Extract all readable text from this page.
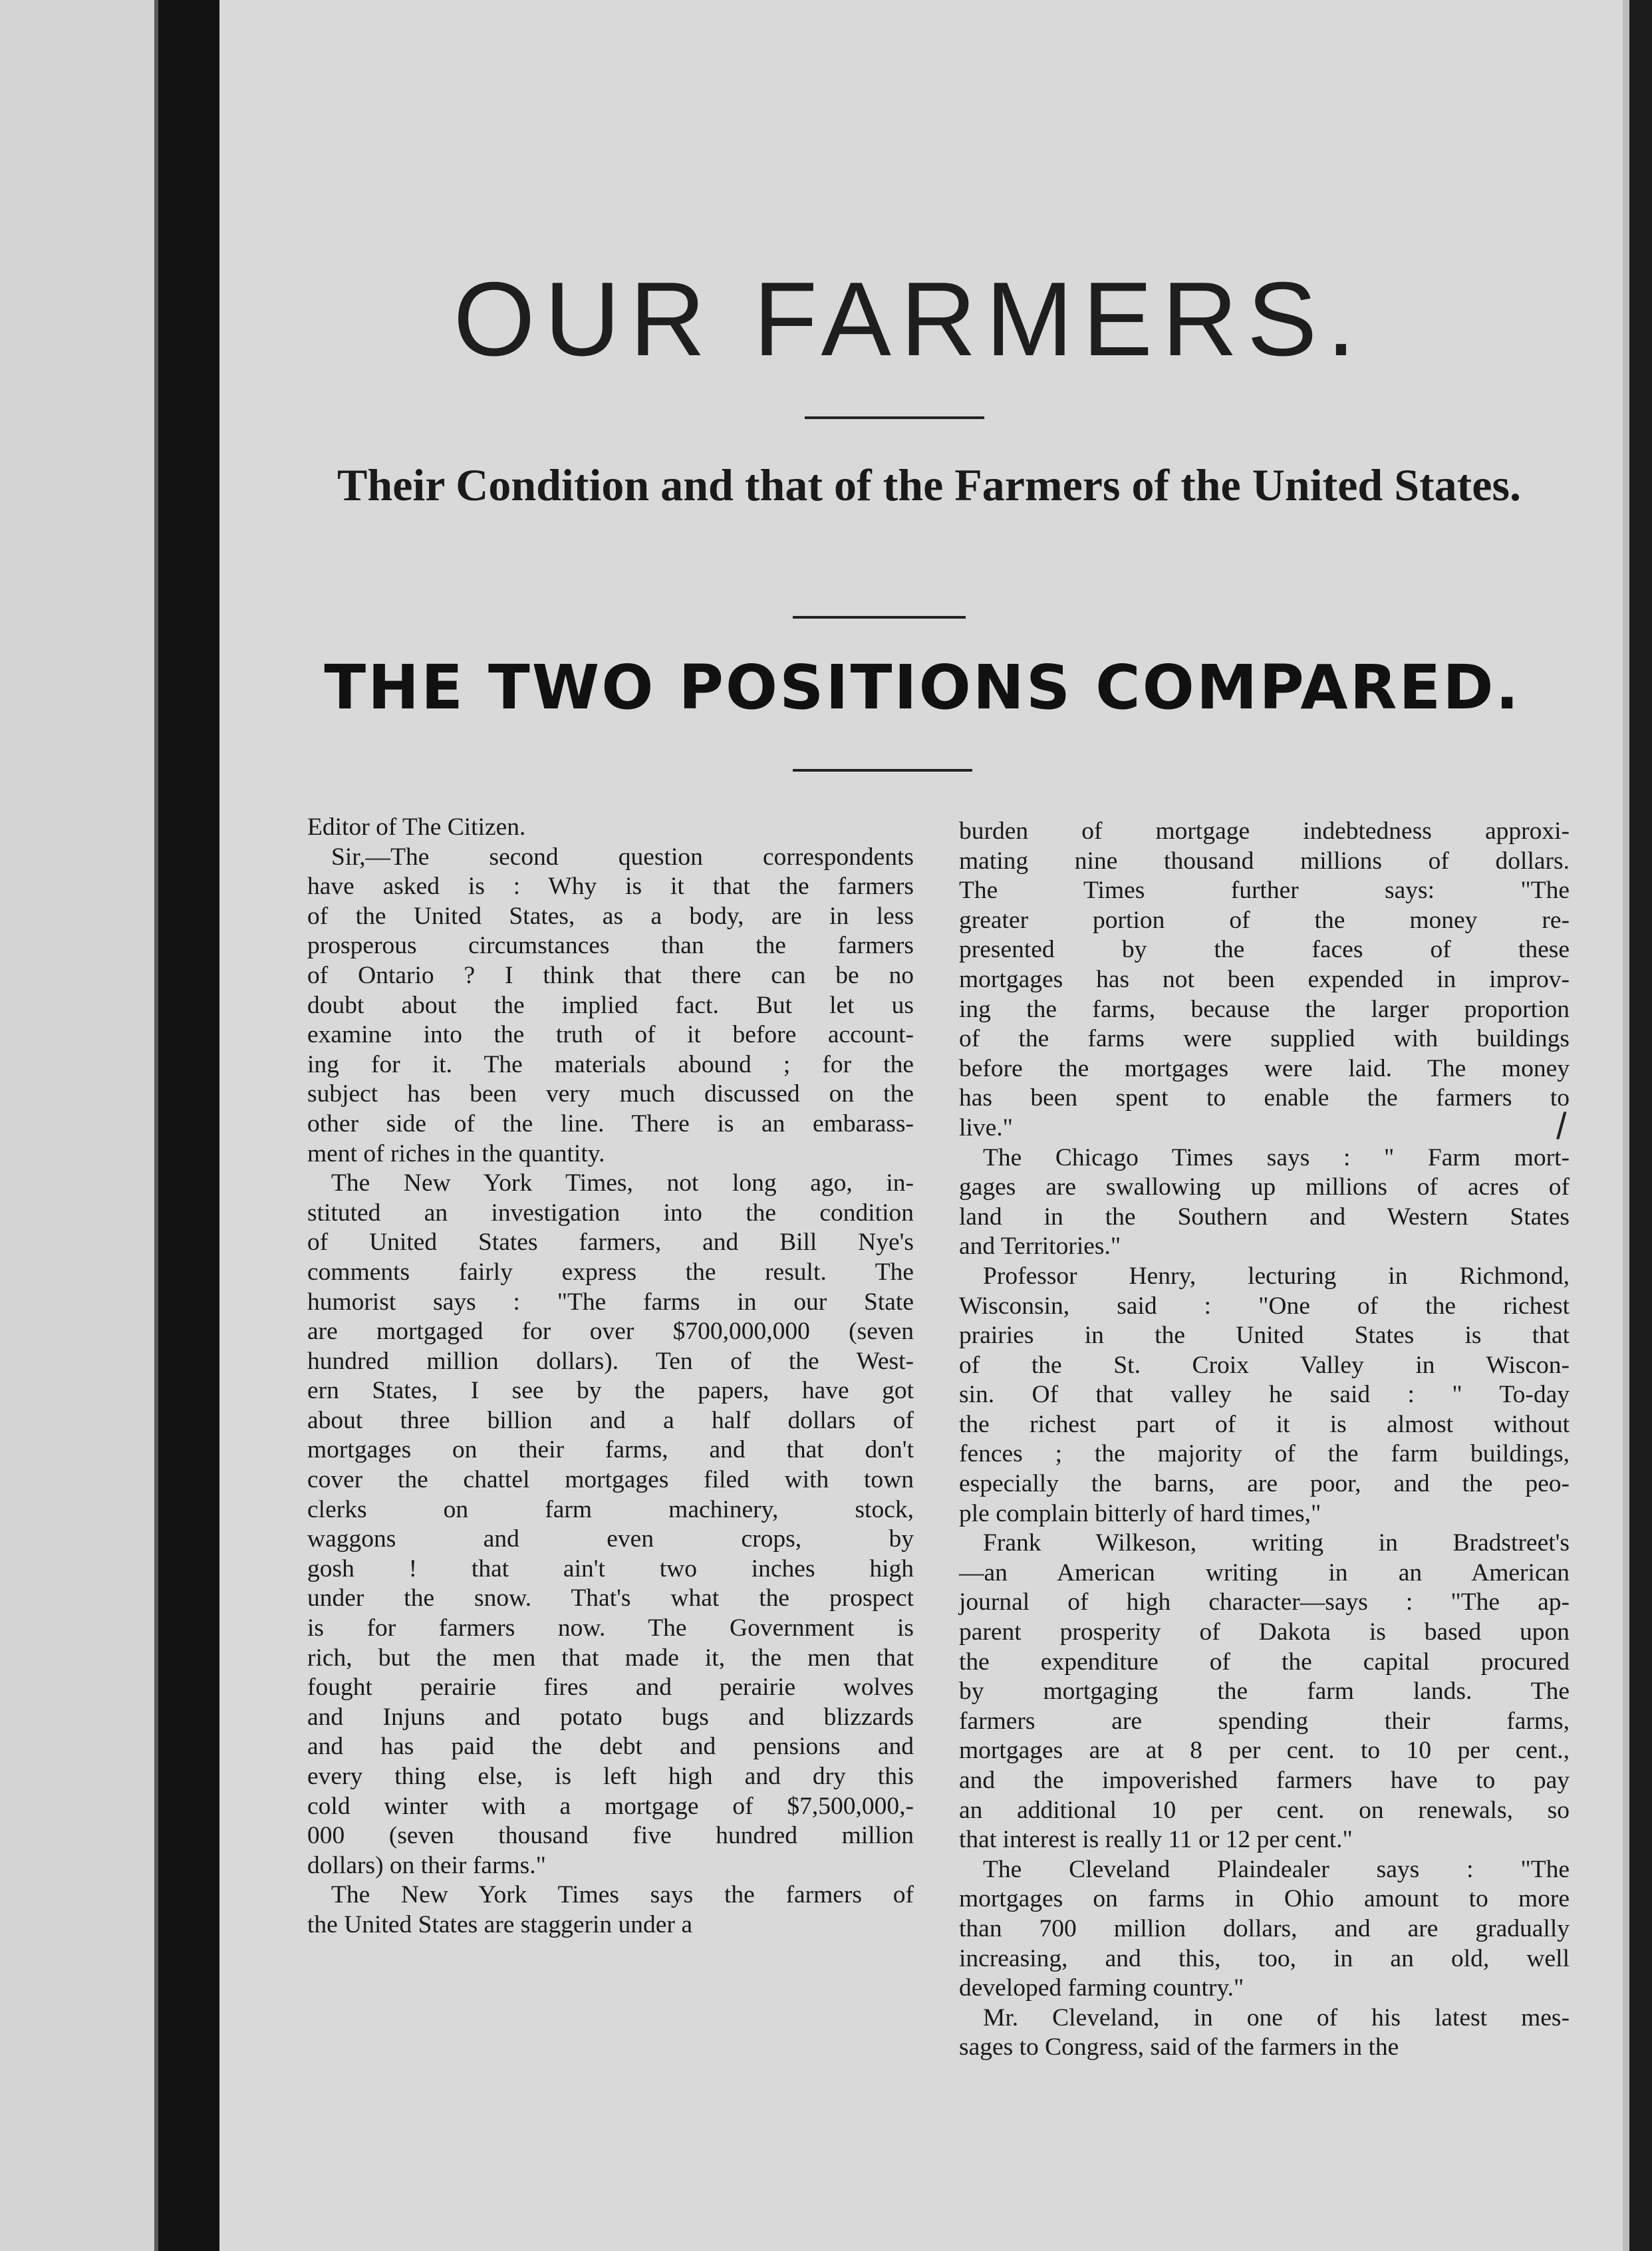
OUR FARMERS.
Their Condition and that of the Farmers of the United States.
THE TWO POSITIONS COMPARED.
Editor of The Citizen.
Sir,—The second question correspondents
have asked is : Why is it that the farmers
of the United States, as a body, are in less
prosperous circumstances than the farmers
of Ontario ? I think that there can be no
doubt about the implied fact. But let us
examine into the truth of it before account-
ing for it. The materials abound ; for the
subject has been very much discussed on the
other side of the line. There is an embarass-
ment of riches in the quantity.
The New York Times, not long ago, in-
stituted an investigation into the condition
of United States farmers, and Bill Nye's
comments fairly express the result. The
humorist says : "The farms in our State
are mortgaged for over $700,000,000 (seven
hundred million dollars). Ten of the West-
ern States, I see by the papers, have got
about three billion and a half dollars of
mortgages on their farms, and that don't
cover the chattel mortgages filed with town
clerks on farm machinery, stock,
waggons and even crops, by
gosh ! that ain't two inches high
under the snow. That's what the prospect
is for farmers now. The Government is
rich, but the men that made it, the men that
fought perairie fires and perairie wolves
and Injuns and potato bugs and blizzards
and has paid the debt and pensions and
every thing else, is left high and dry this
cold winter with a mortgage of $7,500,000,-
000 (seven thousand five hundred million
dollars) on their farms."
The New York Times says the farmers of
the United States are staggerin under a
burden of mortgage indebtedness approxi-
mating nine thousand millions of dollars.
The Times further says: "The
greater portion of the money re-
presented by the faces of these
mortgages has not been expended in improv-
ing the farms, because the larger proportion
of the farms were supplied with buildings
before the mortgages were laid. The money
has been spent to enable the farmers to
live."
The Chicago Times says : " Farm mort-
gages are swallowing up millions of acres of
land in the Southern and Western States
and Territories."
Professor Henry, lecturing in Richmond,
Wisconsin, said : "One of the richest
prairies in the United States is that
of the St. Croix Valley in Wiscon-
sin. Of that valley he said : " To-day
the richest part of it is almost without
fences ; the majority of the farm buildings,
especially the barns, are poor, and the peo-
ple complain bitterly of hard times,"
Frank Wilkeson, writing in Bradstreet's
—an American writing in an American
journal of high character—says : "The ap-
parent prosperity of Dakota is based upon
the expenditure of the capital procured
by mortgaging the farm lands. The
farmers are spending their farms,
mortgages are at 8 per cent. to 10 per cent.,
and the impoverished farmers have to pay
an additional 10 per cent. on renewals, so
that interest is really 11 or 12 per cent."
The Cleveland Plaindealer says : "The
mortgages on farms in Ohio amount to more
than 700 million dollars, and are gradually
increasing, and this, too, in an old, well
developed farming country."
Mr. Cleveland, in one of his latest mes-
sages to Congress, said of the farmers in the
/
